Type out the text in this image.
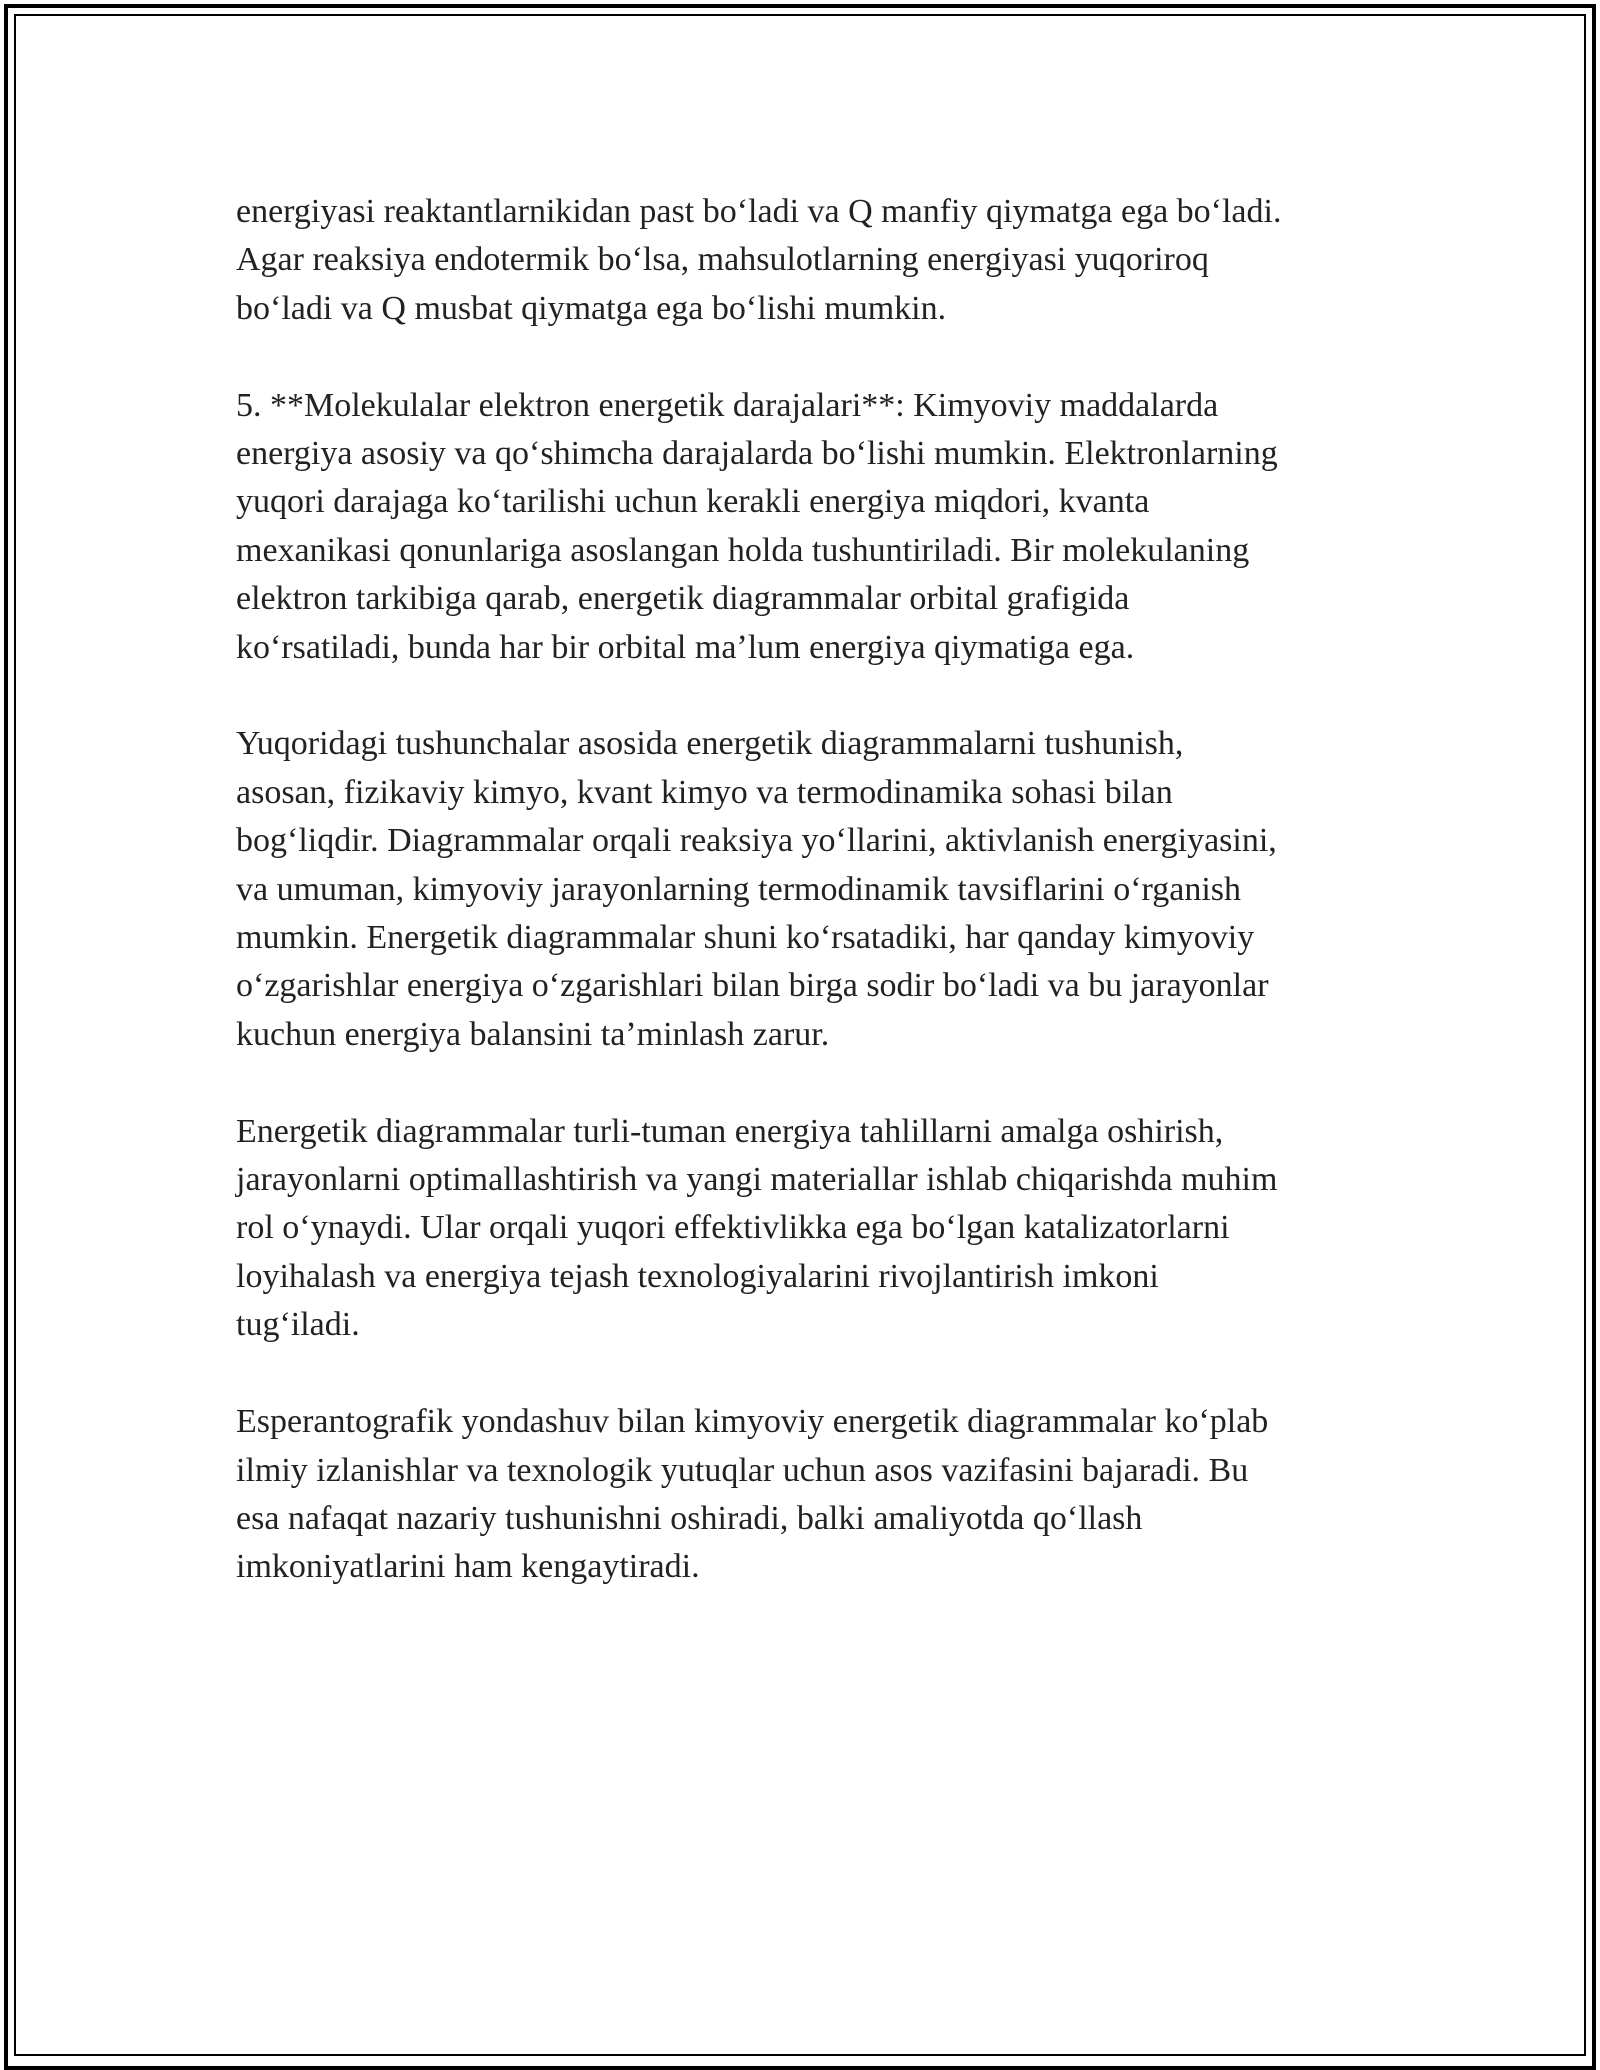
energiyasi reaktantlarnikidan past boʻladi va Q manfiy qiymatga ega boʻladi.
Agar reaksiya endotermik boʻlsa, mahsulotlarning energiyasi yuqoriroq
boʻladi va Q musbat qiymatga ega boʻlishi mumkin.

5. **Molekulalar elektron energetik darajalari**: Kimyoviy maddalarda
energiya asosiy va qoʻshimcha darajalarda boʻlishi mumkin. Elektronlarning
yuqori darajaga koʻtarilishi uchun kerakli energiya miqdori, kvanta
mexanikasi qonunlariga asoslangan holda tushuntiriladi. Bir molekulaning
elektron tarkibiga qarab, energetik diagrammalar orbital grafigida
koʻrsatiladi, bunda har bir orbital maʼlum energiya qiymatiga ega.

Yuqoridagi tushunchalar asosida energetik diagrammalarni tushunish,
asosan, fizikaviy kimyo, kvant kimyo va termodinamika sohasi bilan
bogʻliqdir. Diagrammalar orqali reaksiya yoʻllarini, aktivlanish energiyasini,
va umuman, kimyoviy jarayonlarning termodinamik tavsiflarini oʻrganish
mumkin. Energetik diagrammalar shuni koʻrsatadiki, har qanday kimyoviy
oʻzgarishlar energiya oʻzgarishlari bilan birga sodir boʻladi va bu jarayonlar
kuchun energiya balansini taʼminlash zarur.

Energetik diagrammalar turli-tuman energiya tahlillarni amalga oshirish,
jarayonlarni optimallashtirish va yangi materiallar ishlab chiqarishda muhim
rol oʻynaydi. Ular orqali yuqori effektivlikka ega boʻlgan katalizatorlarni
loyihalash va energiya tejash texnologiyalarini rivojlantirish imkoni
tugʻiladi.

Esperantografik yondashuv bilan kimyoviy energetik diagrammalar koʻplab
ilmiy izlanishlar va texnologik yutuqlar uchun asos vazifasini bajaradi. Bu
esa nafaqat nazariy tushunishni oshiradi, balki amaliyotda qoʻllash
imkoniyatlarini ham kengaytiradi.
